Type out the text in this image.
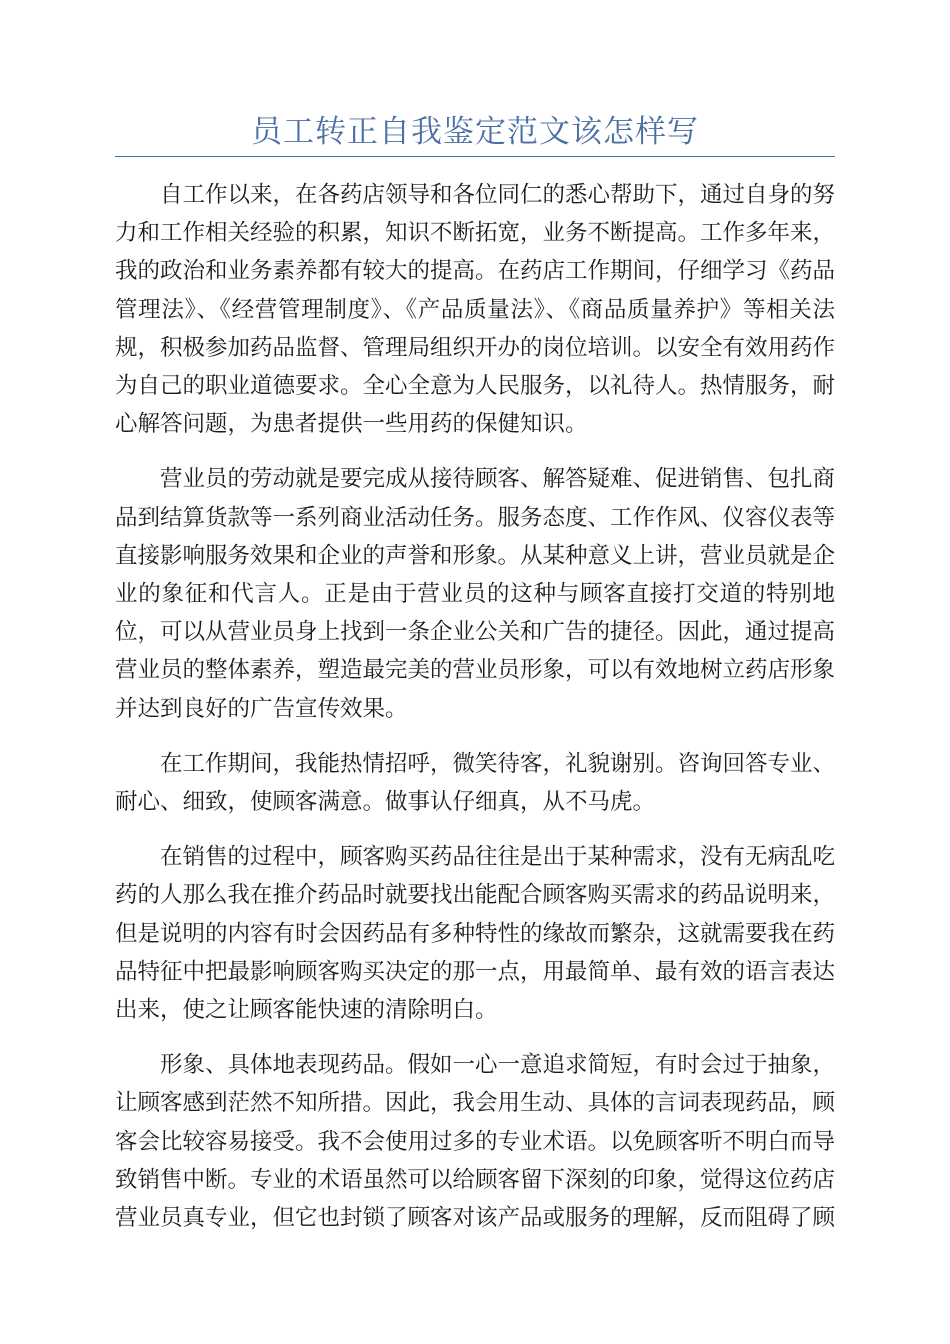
员工转正自我鉴定范文该怎样写

自工作以来，在各药店领导和各位同仁的悉心帮助下，通过自身的努力和工作相关经验的积累，知识不断拓宽，业务不断提高。工作多年来，我的政治和业务素养都有较大的提高。在药店工作期间，仔细学习《药品管理法》、《经营管理制度》、《产品质量法》、《商品质量养护》等相关法规，积极参加药品监督、管理局组织开办的岗位培训。以安全有效用药作为自己的职业道德要求。全心全意为人民服务，以礼待人。热情服务，耐心解答问题，为患者提供一些用药的保健知识。

营业员的劳动就是要完成从接待顾客、解答疑难、促进销售、包扎商品到结算货款等一系列商业活动任务。服务态度、工作作风、仪容仪表等直接影响服务效果和企业的声誉和形象。从某种意义上讲，营业员就是企业的象征和代言人。正是由于营业员的这种与顾客直接打交道的特别地位，可以从营业员身上找到一条企业公关和广告的捷径。因此，通过提高营业员的整体素养，塑造最完美的营业员形象，可以有效地树立药店形象并达到良好的广告宣传效果。

在工作期间，我能热情招呼，微笑待客，礼貌谢别。咨询回答专业、耐心、细致，使顾客满意。做事认仔细真，从不马虎。

在销售的过程中，顾客购买药品往往是出于某种需求，没有无病乱吃药的人那么我在推介药品时就要找出能配合顾客购买需求的药品说明来，但是说明的内容有时会因药品有多种特性的缘故而繁杂，这就需要我在药品特征中把最影响顾客购买决定的那一点，用最简单、最有效的语言表达出来，使之让顾客能快速的清除明白。

形象、具体地表现药品。假如一心一意追求简短，有时会过于抽象，让顾客感到茫然不知所措。因此，我会用生动、具体的言词表现药品，顾客会比较容易接受。我不会使用过多的专业术语。以免顾客听不明白而导致销售中断。专业的术语虽然可以给顾客留下深刻的印象，觉得这位药店营业员真专业，但它也封锁了顾客对该产品或服务的理解，反而阻碍了顾
